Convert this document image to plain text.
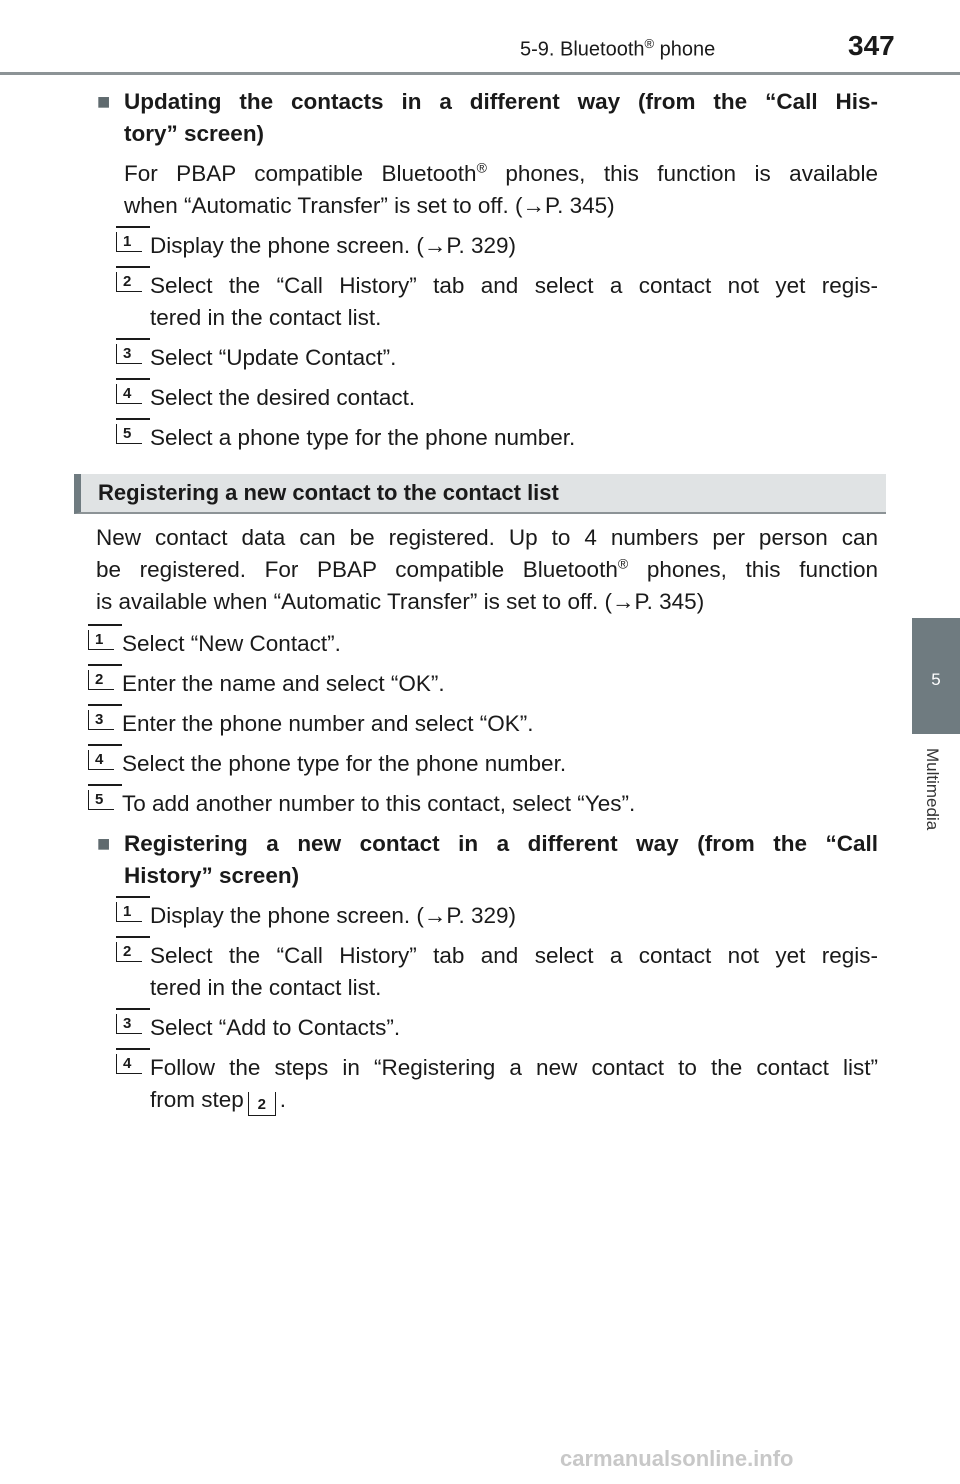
5-9. Bluetooth® phone	347
5
Multimedia
■ Updating the contacts in a different way (from the “Call His-
tory” screen)
For PBAP compatible Bluetooth® phones, this function is available
when “Automatic Transfer” is set to off. (→P. 345)
1 Display the phone screen. (→P. 329)
2 Select the “Call History” tab and select a contact not yet regis-
tered in the contact list.
3 Select “Update Contact”.
4 Select the desired contact.
5 Select a phone type for the phone number.
Registering a new contact to the contact list
New contact data can be registered. Up to 4 numbers per person can
be registered. For PBAP compatible Bluetooth® phones, this function
is available when “Automatic Transfer” is set to off. (→P. 345)
1 Select “New Contact”.
2 Enter the name and select “OK”.
3 Enter the phone number and select “OK”.
4 Select the phone type for the phone number.
5 To add another number to this contact, select “Yes”.
■ Registering a new contact in a different way (from the “Call
History” screen)
1 Display the phone screen. (→P. 329)
2 Select the “Call History” tab and select a contact not yet regis-
tered in the contact list.
3 Select “Add to Contacts”.
4 Follow the steps in “Registering a new contact to the contact list”
from step 2 .
carmanualsonline.info
